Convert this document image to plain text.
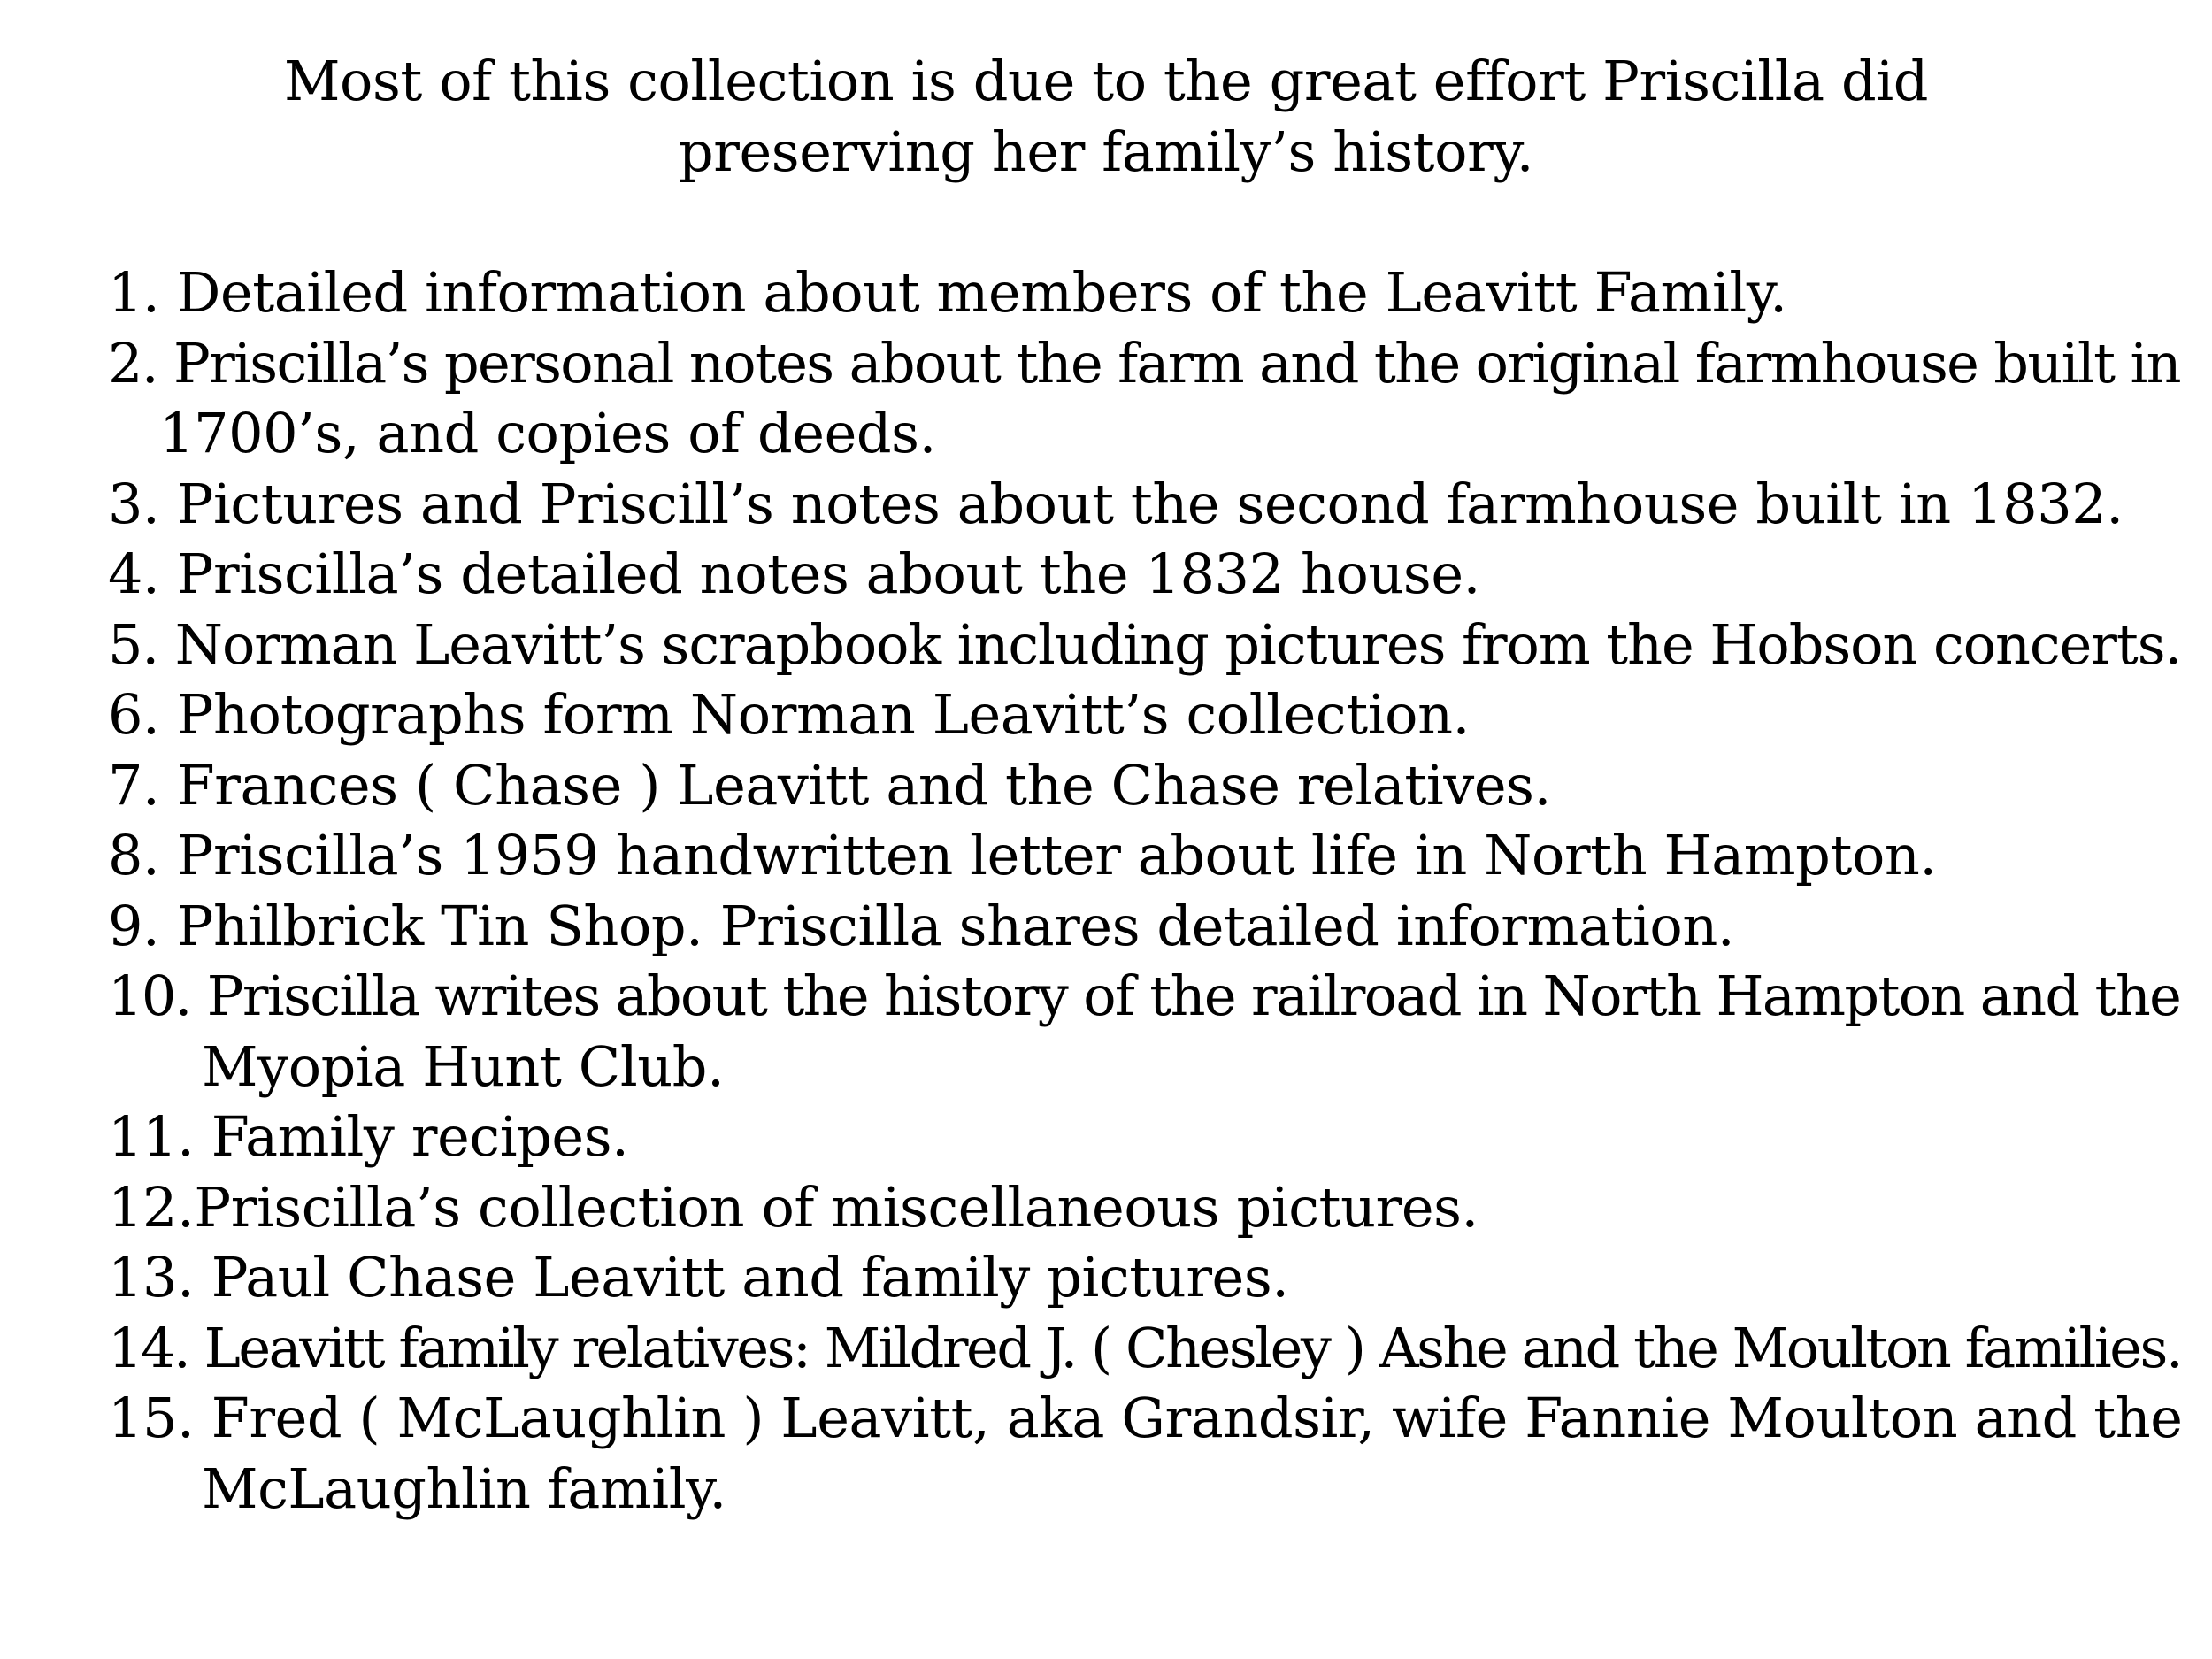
Most of this collection is due to the great effort Priscilla did
preserving her family’s history.
1. Detailed information about members of the Leavitt Family.
2. Priscilla’s personal notes about the farm and the original farmhouse built in
1700’s, and copies of deeds.
3. Pictures and Priscill’s notes about the second farmhouse built in 1832.
4. Priscilla’s detailed notes about the 1832 house.
5. Norman Leavitt’s scrapbook including pictures from the Hobson concerts.
6. Photographs form Norman Leavitt’s collection.
7. Frances ( Chase ) Leavitt and the Chase relatives.
8. Priscilla’s 1959 handwritten letter about life in North Hampton.
9. Philbrick Tin Shop. Priscilla shares detailed information.
10. Priscilla writes about the history of the railroad in North Hampton and the
Myopia Hunt Club.
11. Family recipes.
12.Priscilla’s collection of miscellaneous pictures.
13. Paul Chase Leavitt and family pictures.
14. Leavitt family relatives: Mildred J. ( Chesley ) Ashe and the Moulton families.
15. Fred ( McLaughlin ) Leavitt, aka Grandsir, wife Fannie Moulton and the
McLaughlin family.
